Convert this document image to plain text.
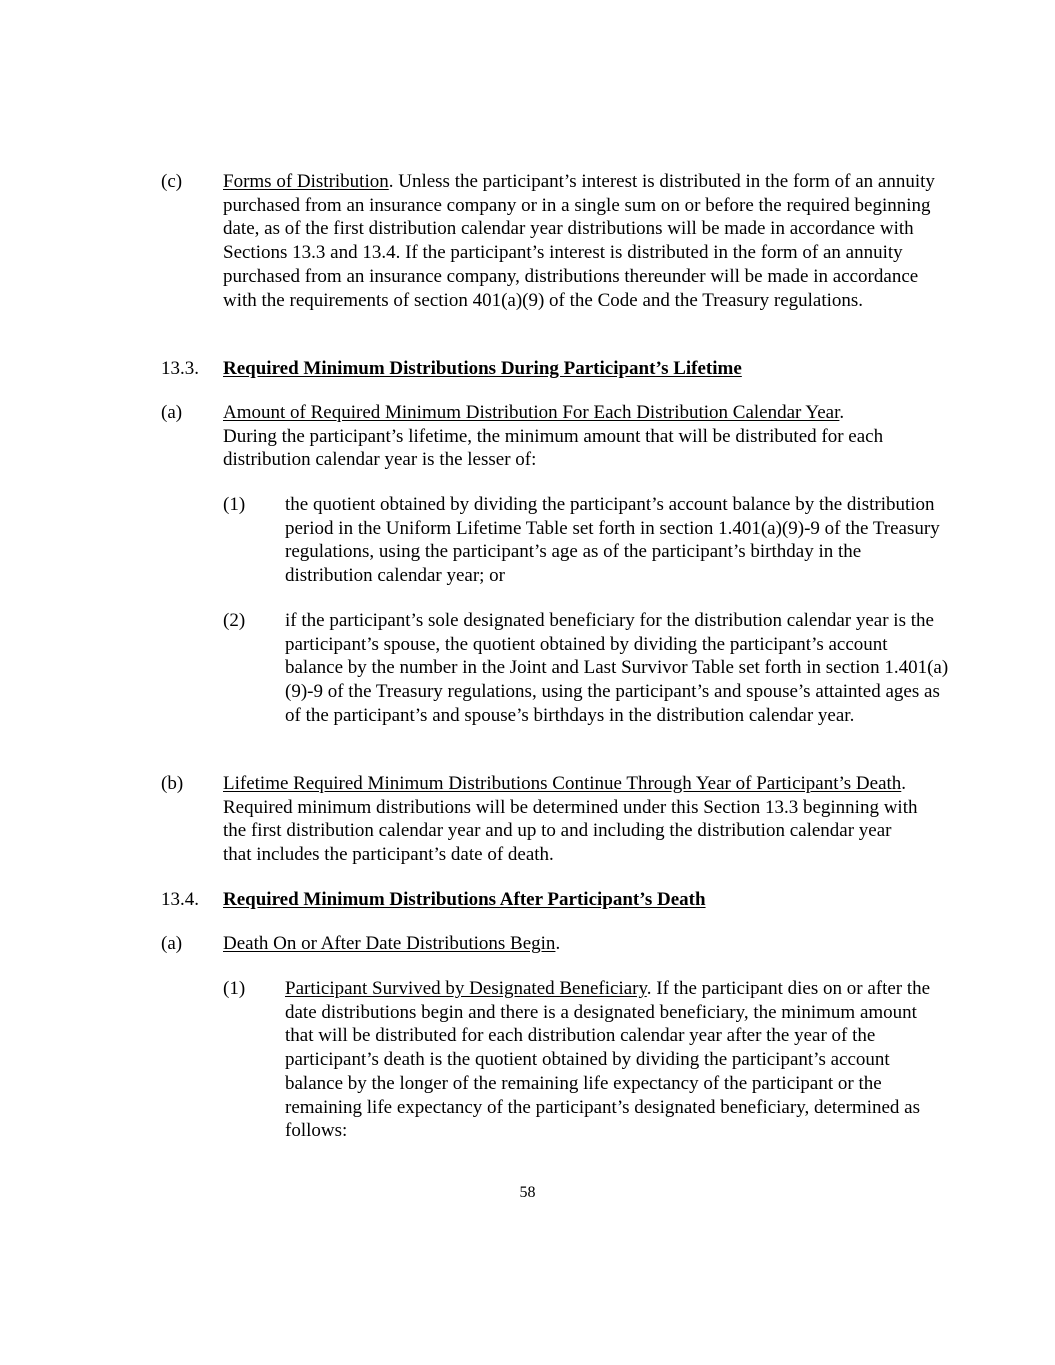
(c) Forms of Distribution. Unless the participant’s interest is distributed in the form of an annuity purchased from an insurance company or in a single sum on or before the required beginning date, as of the first distribution calendar year distributions will be made in accordance with Sections 13.3 and 13.4. If the participant’s interest is distributed in the form of an annuity purchased from an insurance company, distributions thereunder will be made in accordance with the requirements of section 401(a)(9) of the Code and the Treasury regulations.
13.3. Required Minimum Distributions During Participant’s Lifetime
(a) Amount of Required Minimum Distribution For Each Distribution Calendar Year.
During the participant’s lifetime, the minimum amount that will be distributed for each distribution calendar year is the lesser of:
(1) the quotient obtained by dividing the participant’s account balance by the distribution period in the Uniform Lifetime Table set forth in section 1.401(a)(9)-9 of the Treasury regulations, using the participant’s age as of the participant’s birthday in the distribution calendar year; or
(2) if the participant’s sole designated beneficiary for the distribution calendar year is the participant’s spouse, the quotient obtained by dividing the participant’s account balance by the number in the Joint and Last Survivor Table set forth in section 1.401(a)(9)-9 of the Treasury regulations, using the participant’s and spouse’s attainted ages as of the participant’s and spouse’s birthdays in the distribution calendar year.
(b) Lifetime Required Minimum Distributions Continue Through Year of Participant’s Death. Required minimum distributions will be determined under this Section 13.3 beginning with the first distribution calendar year and up to and including the distribution calendar year that includes the participant’s date of death.
13.4. Required Minimum Distributions After Participant’s Death
(a) Death On or After Date Distributions Begin.
(1) Participant Survived by Designated Beneficiary. If the participant dies on or after the date distributions begin and there is a designated beneficiary, the minimum amount that will be distributed for each distribution calendar year after the year of the participant’s death is the quotient obtained by dividing the participant’s account balance by the longer of the remaining life expectancy of the participant or the remaining life expectancy of the participant’s designated beneficiary, determined as follows:
58
